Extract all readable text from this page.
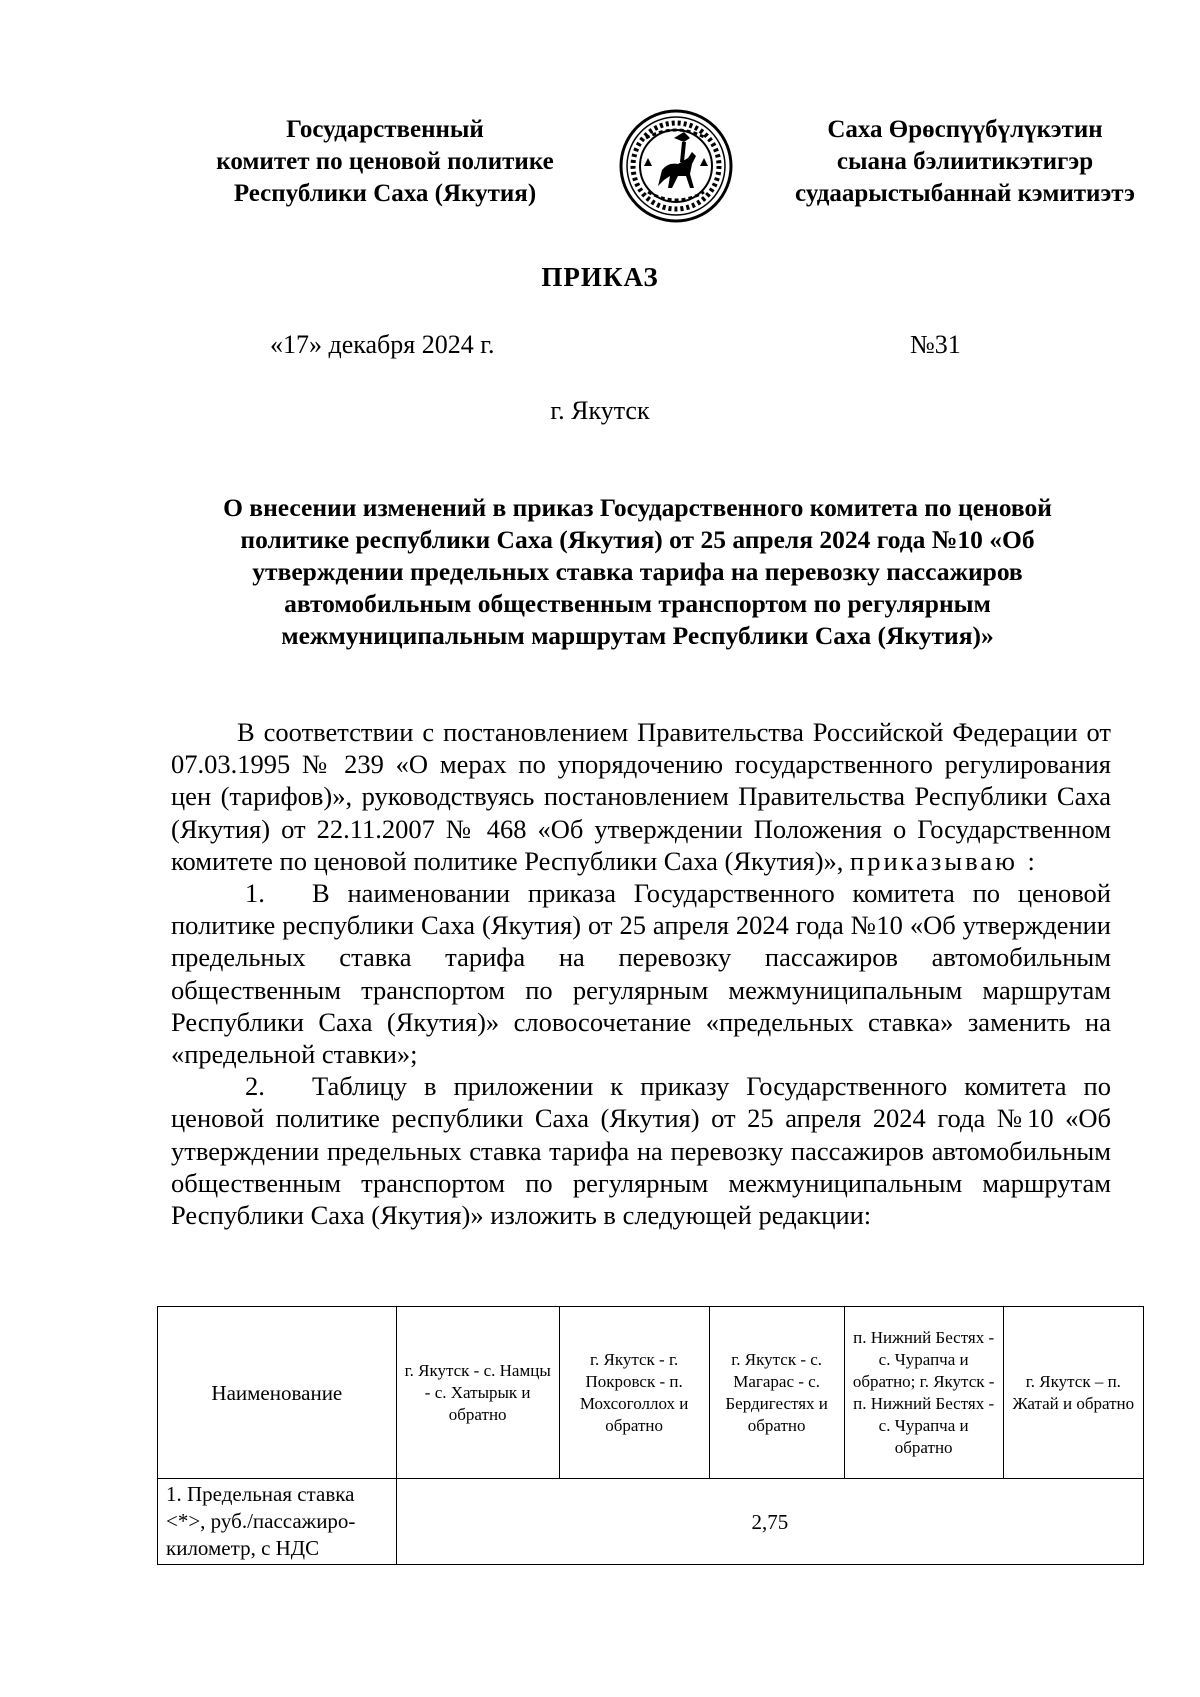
Государственный
комитет по ценовой политике
Республики Саха (Якутия)
Саха Өрөспүүбүлүкэтин
сыана бэлиитикэтигэр
судаарыстыбаннай кэмитиэтэ
ПРИКАЗ
«17» декабря 2024 г.	№31
г. Якутск
О внесении изменений в приказ Государственного комитета по ценовой
политике республики Саха (Якутия) от 25 апреля 2024 года №10 «Об
утверждении предельных ставка тарифа на перевозку пассажиров
автомобильным общественным транспортом по регулярным
межмуниципальным маршрутам Республики Саха (Якутия)»

В соответствии с постановлением Правительства Российской Федерации от 07.03.1995 № 239 «О мерах по упорядочению государственного регулирования цен (тарифов)», руководствуясь постановлением Правительства Республики Саха (Якутия) от 22.11.2007 № 468 «Об утверждении Положения о Государственном комитете по ценовой политике Республики Саха (Якутия)», приказываю :

1. В наименовании приказа Государственного комитета по ценовой политике республики Саха (Якутия) от 25 апреля 2024 года №10 «Об утверждении предельных ставка тарифа на перевозку пассажиров автомобильным общественным транспортом по регулярным межмуниципальным маршрутам Республики Саха (Якутия)» словосочетание «предельных ставка» заменить на «предельной ставки»;

2. Таблицу в приложении к приказу Государственного комитета по ценовой политике республики Саха (Якутия) от 25 апреля 2024 года №10 «Об утверждении предельных ставка тарифа на перевозку пассажиров автомобильным общественным транспортом по регулярным межмуниципальным маршрутам Республики Саха (Якутия)» изложить в следующей редакции:

Наименование	г. Якутск - с. Намцы - с. Хатырык и обратно	г. Якутск - г. Покровск - п. Мохсоголлох и обратно	г. Якутск - с. Магарас - с. Бердигестях и обратно	п. Нижний Бестях - с. Чурапча и обратно; г. Якутск - п. Нижний Бестях - с. Чурапча и обратно	г. Якутск – п. Жатай и обратно
1. Предельная ставка <*>, руб./пассажиро-километр, с НДС	2,75				
